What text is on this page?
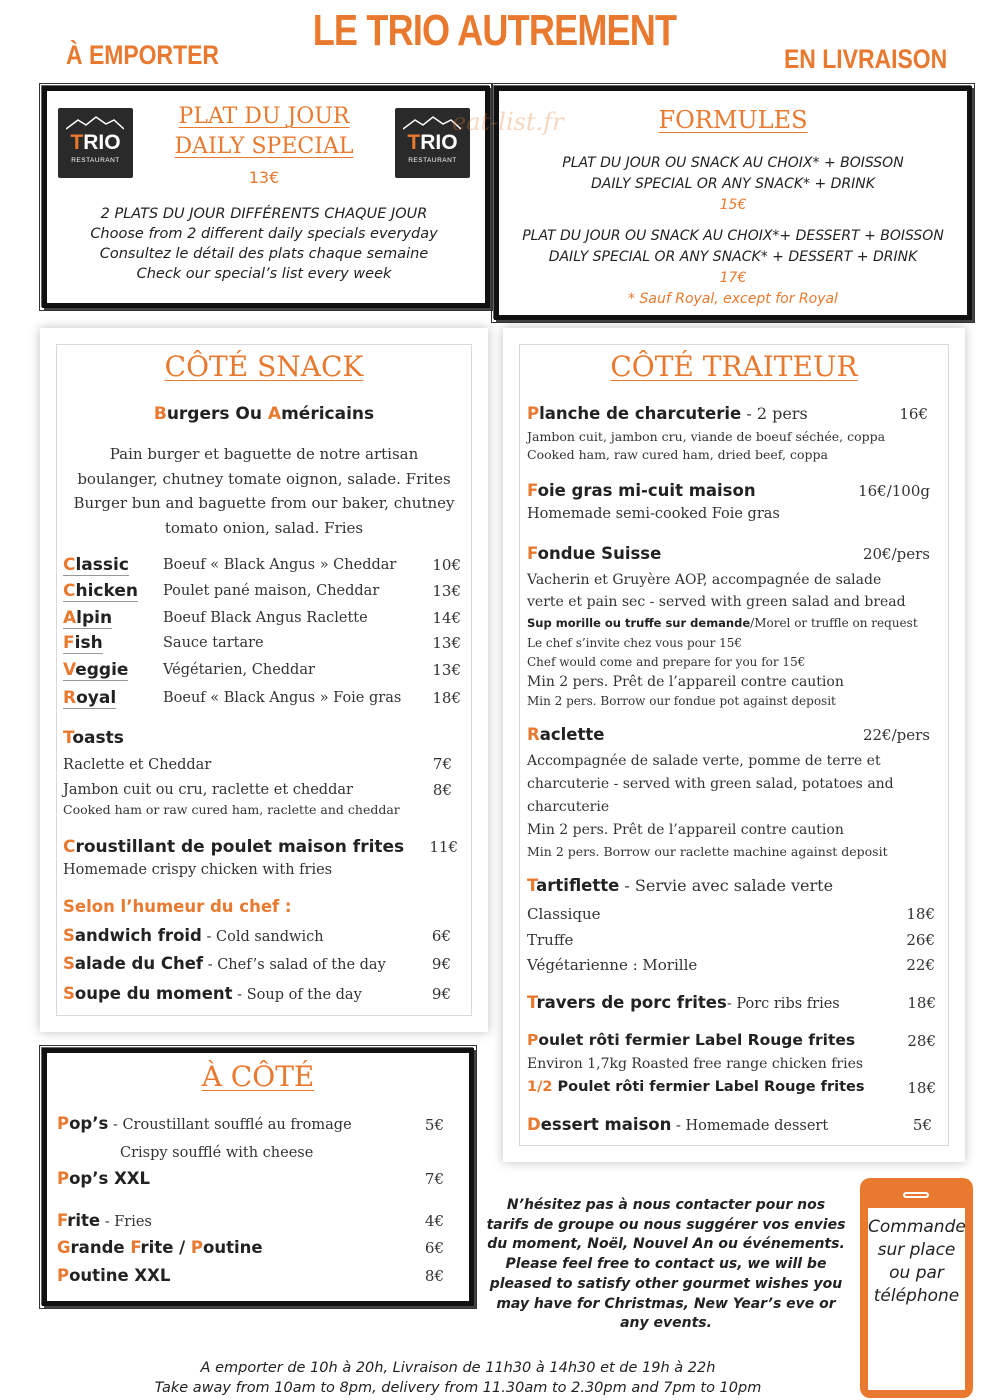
LE TRIO AUTREMENT
À EMPORTER	EN LIVRAISON
TRIO
RESTAURANT
TRIO
RESTAURANT
PLAT DU JOUR
DAILY SPECIAL
13€
2 PLATS DU JOUR DIFFÉRENTS CHAQUE JOUR
Choose from 2 different daily specials everyday
Consultez le détail des plats chaque semaine
Check our special’s list every week
eat-list.fr	FORMULES
PLAT DU JOUR OU SNACK AU CHOIX* + BOISSON
DAILY SPECIAL OR ANY SNACK* + DRINK
15€
PLAT DU JOUR OU SNACK AU CHOIX*+ DESSERT + BOISSON
DAILY SPECIAL OR ANY SNACK* + DESSERT + DRINK
17€
* Sauf Royal, except for Royal
CÔTÉ SNACK
Burgers Ou Américains
Pain burger et baguette de notre artisan
boulanger, chutney tomate oignon, salade. Frites
Burger bun and baguette from our baker, chutney
tomato onion, salad. Fries
Classic Boeuf « Black Angus » Cheddar	10€
Chicken Poulet pané maison, Cheddar	13€
Alpin	Boeuf Black Angus Raclette	14€
Fish	Sauce tartare	13€
Veggie Végétarien, Cheddar	13€
Royal	Boeuf « Black Angus » Foie gras	18€
Toasts
Raclette et Cheddar	7€
Jambon cuit ou cru, raclette et cheddar	8€
Cooked ham or raw cured ham, raclette and cheddar
Croustillant de poulet maison frites	11€
Homemade crispy chicken with fries
Selon l’humeur du chef :
Sandwich froid - Cold sandwich	6€
Salade du Chef - Chef’s salad of the day	9€
Soupe du moment - Soup of the day	9€
À CÔTÉ
Pop’s - Croustillant soufflé au fromage	5€
Crispy soufflé with cheese
Pop’s XXL	7€
Frite - Fries	4€
Grande Frite / Poutine	6€
Poutine XXL	8€
CÔTÉ TRAITEUR
Planche de charcuterie - 2 pers	16€
Jambon cuit, jambon cru, viande de boeuf séchée, coppa
Cooked ham, raw cured ham, dried beef, coppa
Foie gras mi-cuit maison	16€/100g
Homemade semi-cooked Foie gras
Fondue Suisse	20€/pers
Vacherin et Gruyère AOP, accompagnée de salade
verte et pain sec - served with green salad and bread
Sup morille ou truffe sur demande/Morel or truffle on request
Le chef s’invite chez vous pour 15€
Chef would come and prepare for you for 15€
Min 2 pers. Prêt de l’appareil contre caution
Min 2 pers. Borrow our fondue pot against deposit
Raclette	22€/pers
Accompagnée de salade verte, pomme de terre et
charcuterie - served with green salad, potatoes and
charcuterie
Min 2 pers. Prêt de l’appareil contre caution
Min 2 pers. Borrow our raclette machine against deposit
Tartiflette - Servie avec salade verte
Classique	18€
Truffe	26€
Végétarienne : Morille	22€
Travers de porc frites- Porc ribs fries	18€
Poulet rôti fermier Label Rouge frites	28€
Environ 1,7kg Roasted free range chicken fries
1/2 Poulet rôti fermier Label Rouge frites	18€
Dessert maison - Homemade dessert	5€
N’hésitez pas à nous contacter pour nos
tarifs de groupe ou nous suggérer vos envies
du moment, Noël, Nouvel An ou événements.
Please feel free to contact us, we will be
pleased to satisfy other gourmet wishes you
may have for Christmas, New Year’s eve or
any events.
Commande
sur place
ou par
téléphone
A emporter de 10h à 20h, Livraison de 11h30 à 14h30 et de 19h à 22h
Take away from 10am to 8pm, delivery from 11.30am to 2.30pm and 7pm to 10pm
